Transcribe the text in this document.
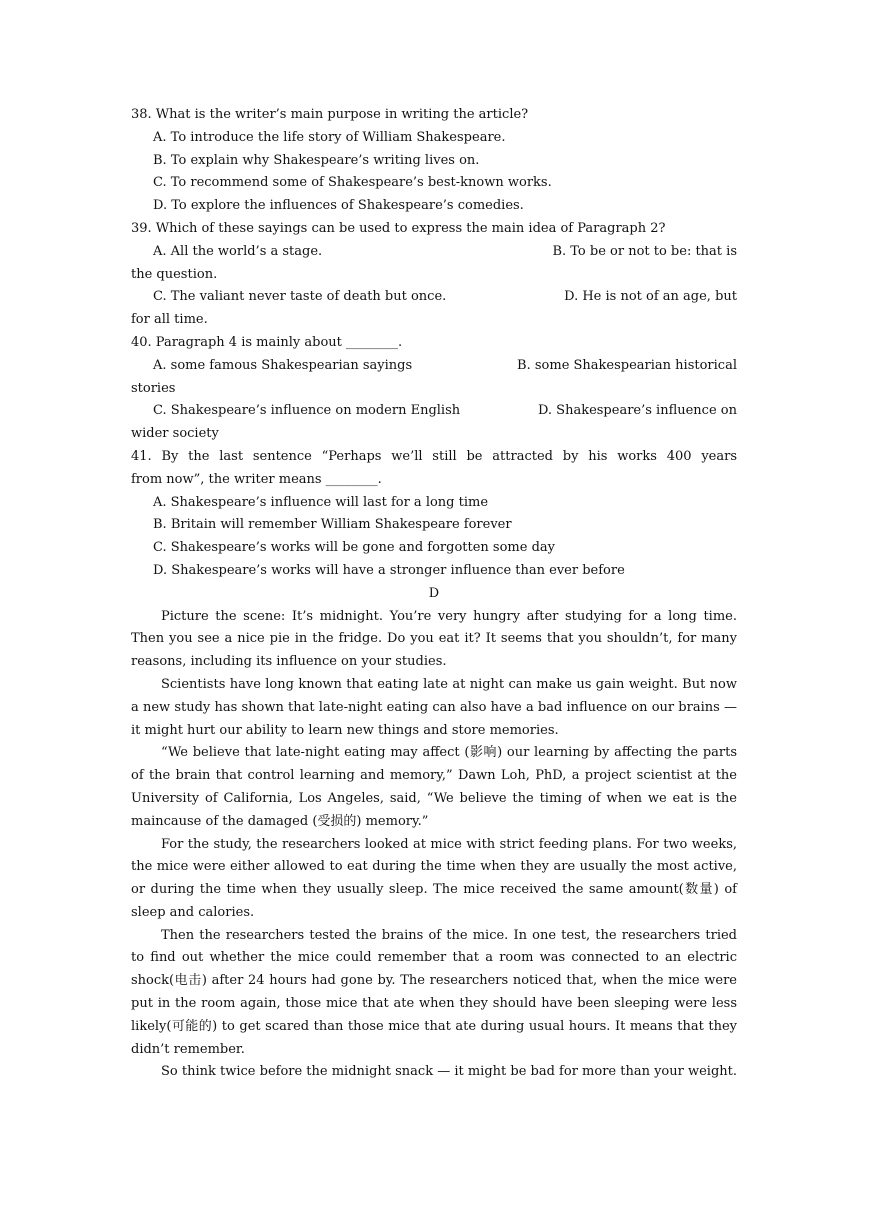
38. What is the writer’s main purpose in writing the article?
A. To introduce the life story of William Shakespeare.
B. To explain why Shakespeare’s writing lives on.
C. To recommend some of Shakespeare’s best-known works.
D. To explore the influences of Shakespeare’s comedies.
39. Which of these sayings can be used to express the main idea of Paragraph 2?
A. All the world’s a stage.	B. To be or not to be: that is
the question.
C. The valiant never taste of death but once.	D. He is not of an age, but
for all time.
40. Paragraph 4 is mainly about ________.
A. some famous Shakespearian sayings	B. some Shakespearian historical
stories
C. Shakespeare’s influence on modern English	D. Shakespeare’s influence on
wider society
41. By the last sentence “Perhaps we’ll still be attracted by his works 400 years
from now”, the writer means ________.
A. Shakespeare’s influence will last for a long time
B. Britain will remember William Shakespeare forever
C. Shakespeare’s works will be gone and forgotten some day
D. Shakespeare’s works will have a stronger influence than ever before
D

Picture the scene: It’s midnight. You’re very hungry after studying for a long time. Then you see a nice pie in the fridge. Do you eat it? It seems that you shouldn’t, for many reasons, including its influence on your studies.

Scientists have long known that eating late at night can make us gain weight. But now a new study has shown that late-night eating can also have a bad influence on our brains — it might hurt our ability to learn new things and store memories.

“We believe that late-night eating may affect (影响) our learning by affecting the parts of the brain that control learning and memory,” Dawn Loh, PhD, a project scientist at the University of California, Los Angeles, said, “We believe the timing of when we eat is the maincause of the damaged (受损的) memory.”

For the study, the researchers looked at mice with strict feeding plans. For two weeks, the mice were either allowed to eat during the time when they are usually the most active, or during the time when they usually sleep. The mice received the same amount(数量) of sleep and calories.

Then the researchers tested the brains of the mice. In one test, the researchers tried to find out whether the mice could remember that a room was connected to an electric shock(电击) after 24 hours had gone by. The researchers noticed that, when the mice were put in the room again, those mice that ate when they should have been sleeping were less likely(可能的) to get scared than those mice that ate during usual hours. It means that they didn’t remember.

So think twice before the midnight snack — it might be bad for more than your weight.
